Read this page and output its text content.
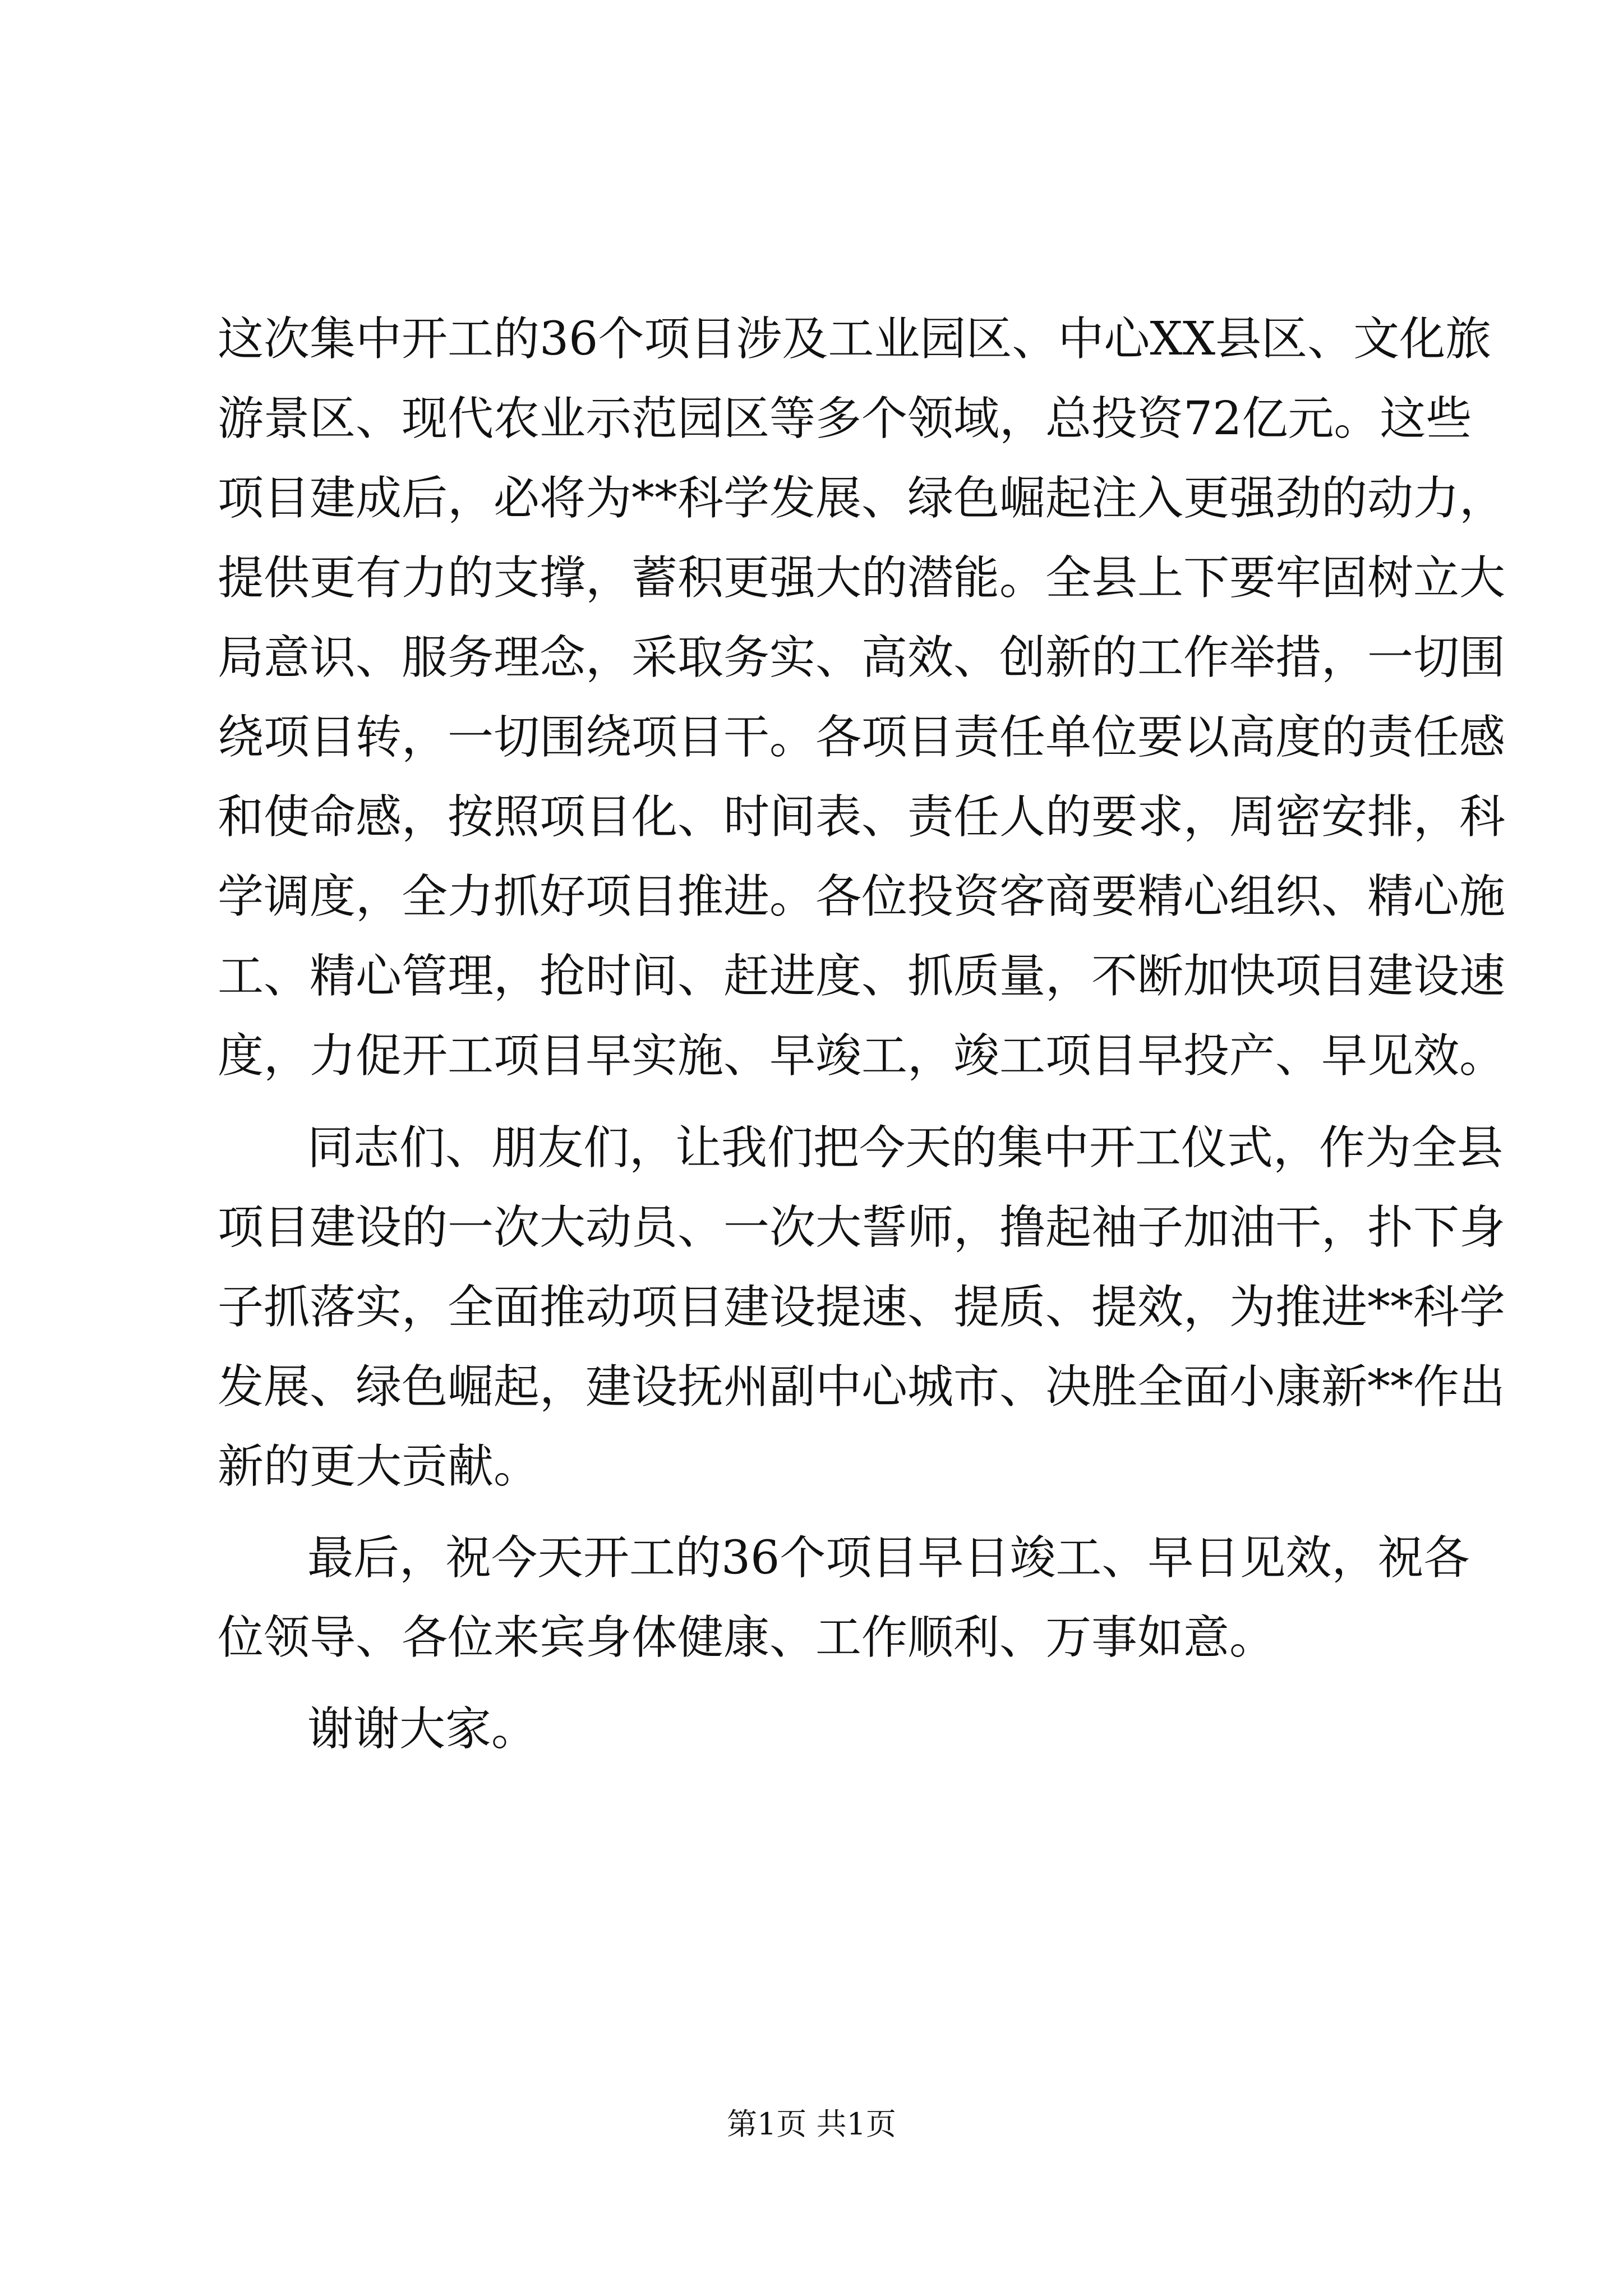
这次集中开工的36个项目涉及工业园区、中心XX县区、文化旅
游景区、现代农业示范园区等多个领域，总投资72亿元。这些
项目建成后，必将为**科学发展、绿色崛起注入更强劲的动力，
提供更有力的支撑，蓄积更强大的潜能。全县上下要牢固树立大
局意识、服务理念，采取务实、高效、创新的工作举措，一切围
绕项目转，一切围绕项目干。各项目责任单位要以高度的责任感
和使命感，按照项目化、时间表、责任人的要求，周密安排，科
学调度，全力抓好项目推进。各位投资客商要精心组织、精心施
工、精心管理，抢时间、赶进度、抓质量，不断加快项目建设速
度，力促开工项目早实施、早竣工，竣工项目早投产、早见效。
同志们、朋友们，让我们把今天的集中开工仪式，作为全县
项目建设的一次大动员、一次大誓师，撸起袖子加油干，扑下身
子抓落实，全面推动项目建设提速、提质、提效，为推进**科学
发展、绿色崛起，建设抚州副中心城市、决胜全面小康新**作出
新的更大贡献。
最后，祝今天开工的36个项目早日竣工、早日见效，祝各
位领导、各位来宾身体健康、工作顺利、万事如意。
谢谢大家。
第1页 共1页
